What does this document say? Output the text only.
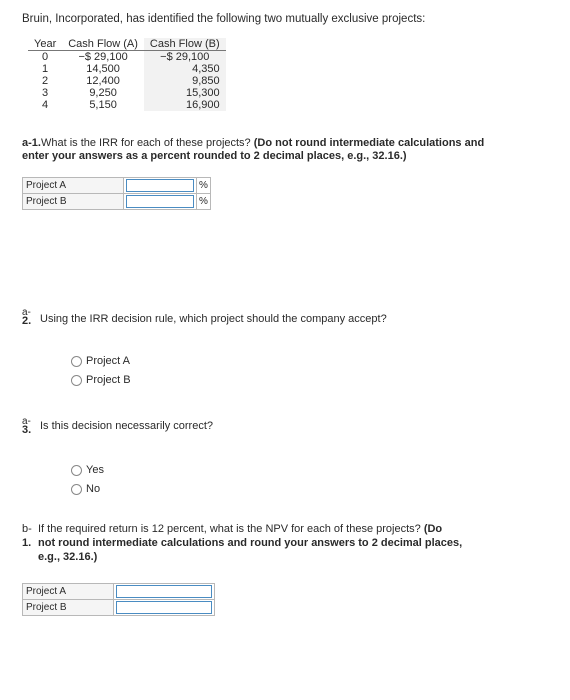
Bruin, Incorporated, has identified the following two mutually exclusive projects:
Year	Cash Flow (A)	Cash Flow (B)
0	−$ 29,100	−$ 29,100
1	14,500	4,350
2	12,400	9,850
3	9,250	15,300
4	5,150	16,900
a-1.What is the IRR for each of these projects? (Do not round intermediate calculations and enter your answers as a percent rounded to 2 decimal places, e.g., 32.16.)
Project A		%
Project B		%
a-
2. Using the IRR decision rule, which project should the company accept?
Project A
Project B
a-
3. Is this decision necessarily correct?
Yes
No
b-
1.
If the required return is 12 percent, what is the NPV for each of these projects? (Do
not round intermediate calculations and round your answers to 2 decimal places,
e.g., 32.16.)
Project A	

Project B	
